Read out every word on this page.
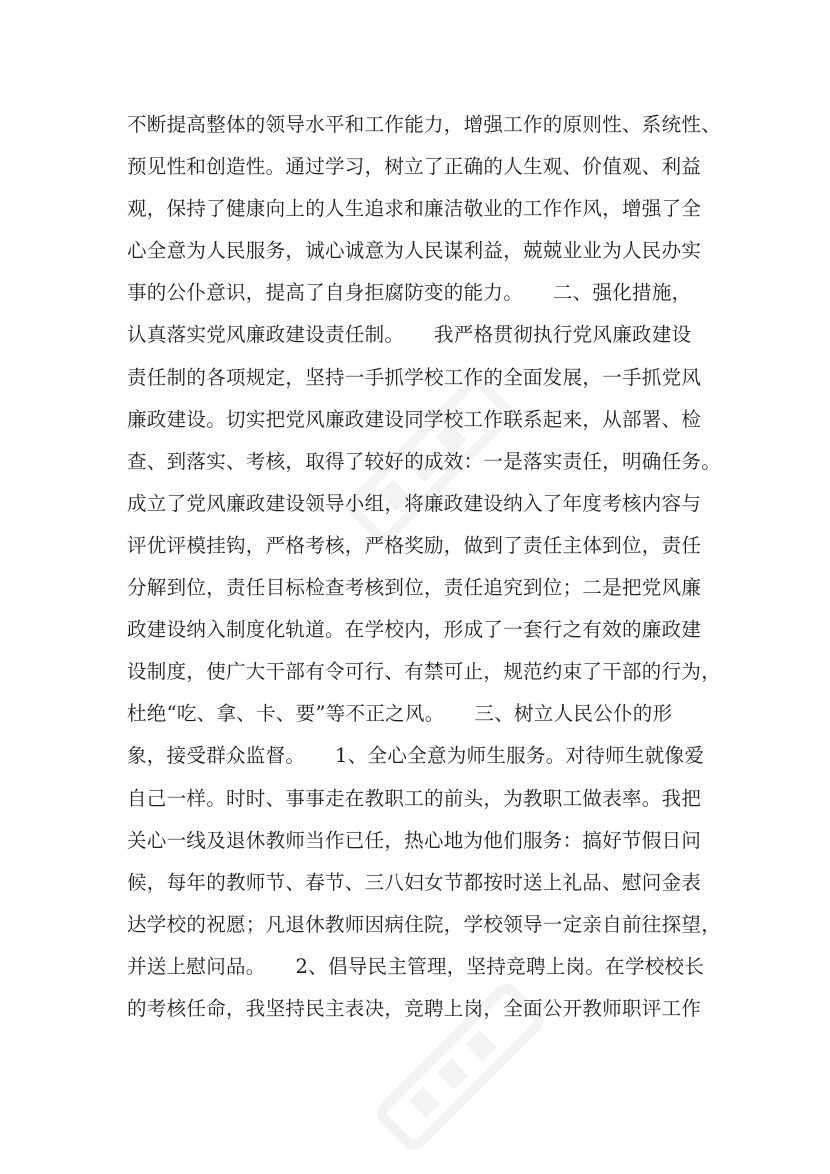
不断提高整体的领导水平和工作能力，增强工作的原则性、系统性、
预见性和创造性。通过学习，树立了正确的人生观、价值观、利益
观，保持了健康向上的人生追求和廉洁敬业的工作作风，增强了全
心全意为人民服务，诚心诚意为人民谋利益，兢兢业业为人民办实
事的公仆意识，提高了自身拒腐防变的能力。　　二、强化措施，
认真落实党风廉政建设责任制。　　我严格贯彻执行党风廉政建设
责任制的各项规定，坚持一手抓学校工作的全面发展，一手抓党风
廉政建设。切实把党风廉政建设同学校工作联系起来，从部署、检
查、到落实、考核，取得了较好的成效：一是落实责任，明确任务。
成立了党风廉政建设领导小组，将廉政建设纳入了年度考核内容与
评优评模挂钩，严格考核，严格奖励，做到了责任主体到位，责任
分解到位，责任目标检查考核到位，责任追究到位；二是把党风廉
政建设纳入制度化轨道。在学校内，形成了一套行之有效的廉政建
设制度，使广大干部有令可行、有禁可止，规范约束了干部的行为，
杜绝“吃、拿、卡、要”等不正之风。　　三、树立人民公仆的形
象，接受群众监督。　　1、全心全意为师生服务。对待师生就像爱
自己一样。时时、事事走在教职工的前头，为教职工做表率。我把
关心一线及退休教师当作已任，热心地为他们服务：搞好节假日问
候，每年的教师节、春节、三八妇女节都按时送上礼品、慰问金表
达学校的祝愿；凡退休教师因病住院，学校领导一定亲自前往探望，
并送上慰问品。　　2、倡导民主管理，坚持竞聘上岗。在学校校长
的考核任命，我坚持民主表决，竞聘上岗，全面公开教师职评工作
